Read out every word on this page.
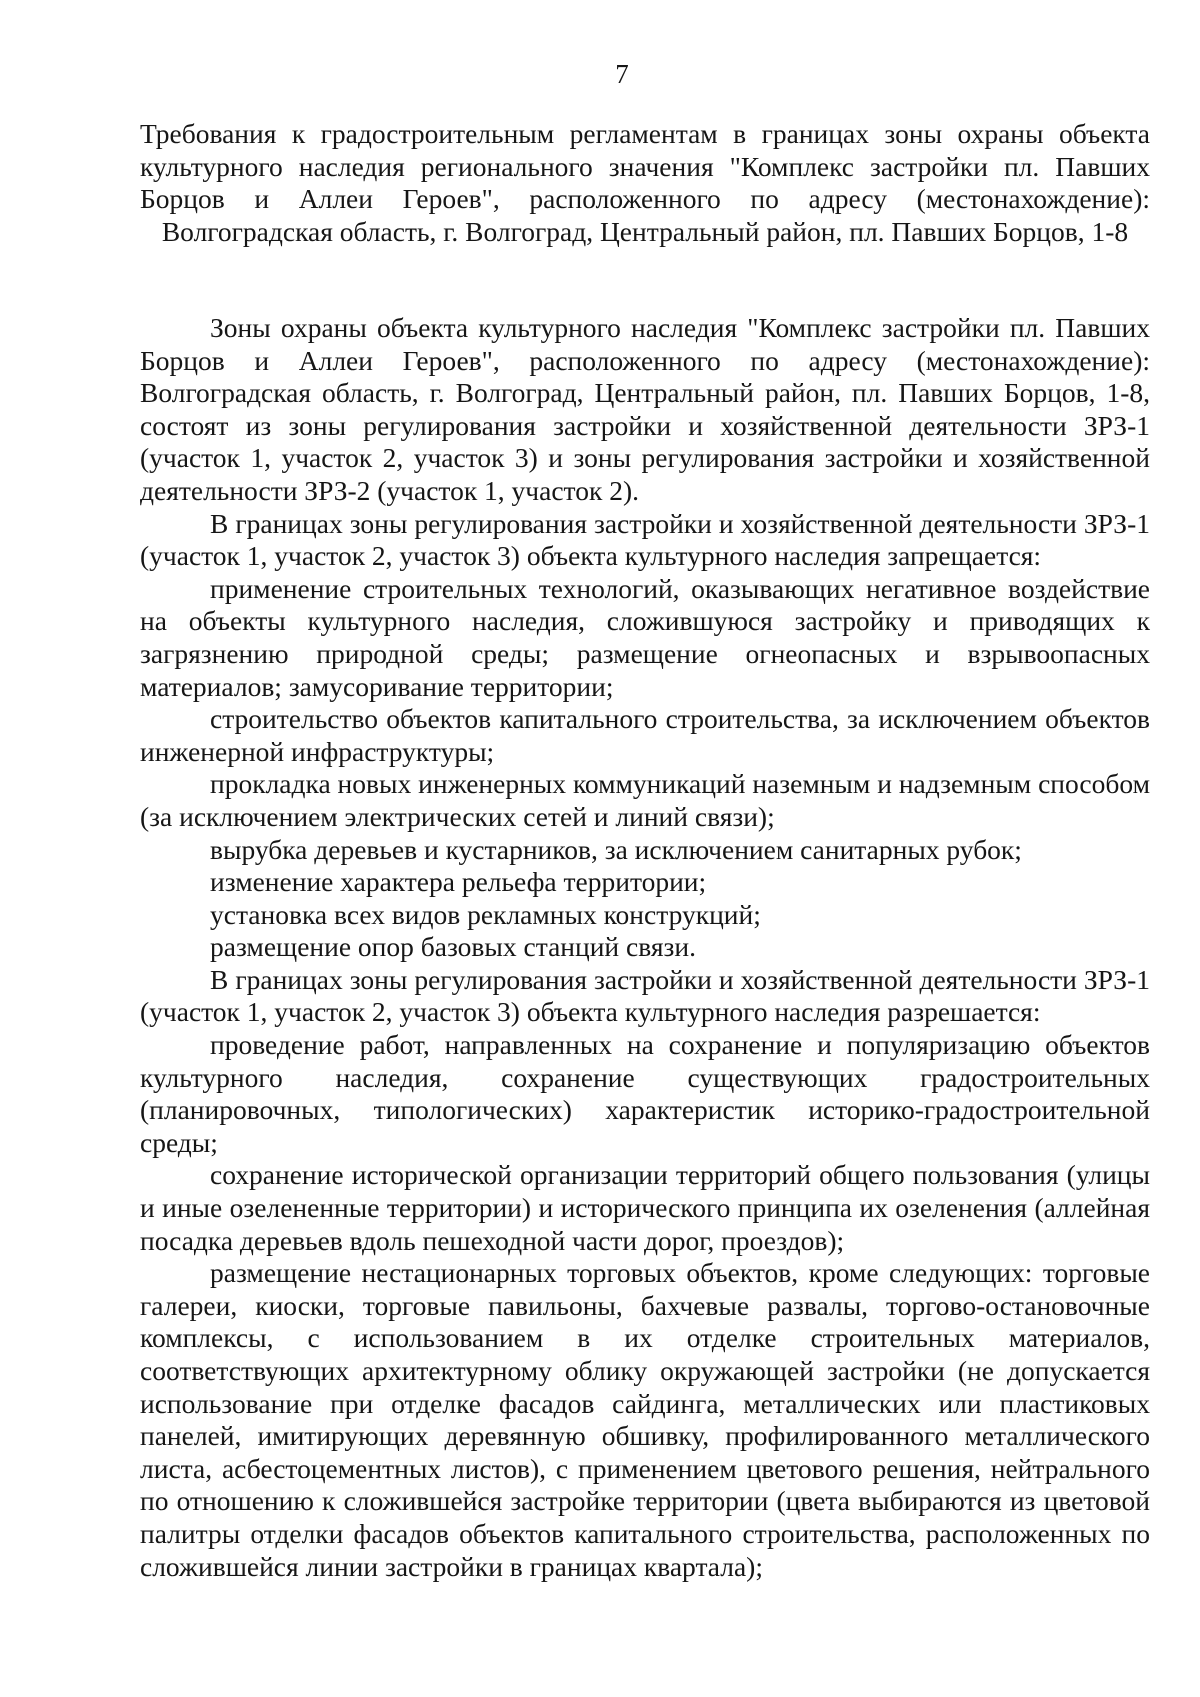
7
Требования к градостроительным регламентам в границах зоны охраны объекта культурного наследия регионального значения "Комплекс застройки пл. Павших Борцов и Аллеи Героев", расположенного по адресу (местонахождение): Волгоградская область, г. Волгоград, Центральный район, пл. Павших Борцов, 1-8

Зоны охраны объекта культурного наследия "Комплекс застройки пл. Павших Борцов и Аллеи Героев", расположенного по адресу (местонахождение): Волгоградская область, г. Волгоград, Центральный район, пл. Павших Борцов, 1-8, состоят из зоны регулирования застройки и хозяйственной деятельности ЗРЗ-1 (участок 1, участок 2, участок 3) и зоны регулирования застройки и хозяйственной деятельности ЗРЗ-2 (участок 1, участок 2).

В границах зоны регулирования застройки и хозяйственной деятельности ЗРЗ-1 (участок 1, участок 2, участок 3) объекта культурного наследия запрещается:

применение строительных технологий, оказывающих негативное воздействие на объекты культурного наследия, сложившуюся застройку и приводящих к загрязнению природной среды; размещение огнеопасных и взрывоопасных материалов; замусоривание территории;

строительство объектов капитального строительства, за исключением объектов инженерной инфраструктуры;

прокладка новых инженерных коммуникаций наземным и надземным способом (за исключением электрических сетей и линий связи);

вырубка деревьев и кустарников, за исключением санитарных рубок;

изменение характера рельефа территории;

установка всех видов рекламных конструкций;

размещение опор базовых станций связи.

В границах зоны регулирования застройки и хозяйственной деятельности ЗРЗ-1 (участок 1, участок 2, участок 3) объекта культурного наследия разрешается:

проведение работ, направленных на сохранение и популяризацию объектов культурного наследия, сохранение существующих градостроительных (планировочных, типологических) характеристик историко-градостроительной среды;

сохранение исторической организации территорий общего пользования (улицы и иные озелененные территории) и исторического принципа их озеленения (аллейная посадка деревьев вдоль пешеходной части дорог, проездов);

размещение нестационарных торговых объектов, кроме следующих: торговые галереи, киоски, торговые павильоны, бахчевые развалы, торгово-остановочные комплексы, с использованием в их отделке строительных материалов, соответствующих архитектурному облику окружающей застройки (не допускается использование при отделке фасадов сайдинга, металлических или пластиковых панелей, имитирующих деревянную обшивку, профилированного металлического листа, асбестоцементных листов), с применением цветового решения, нейтрального по отношению к сложившейся застройке территории (цвета выбираются из цветовой палитры отделки фасадов объектов капитального строительства, расположенных по сложившейся линии застройки в границах квартала);
